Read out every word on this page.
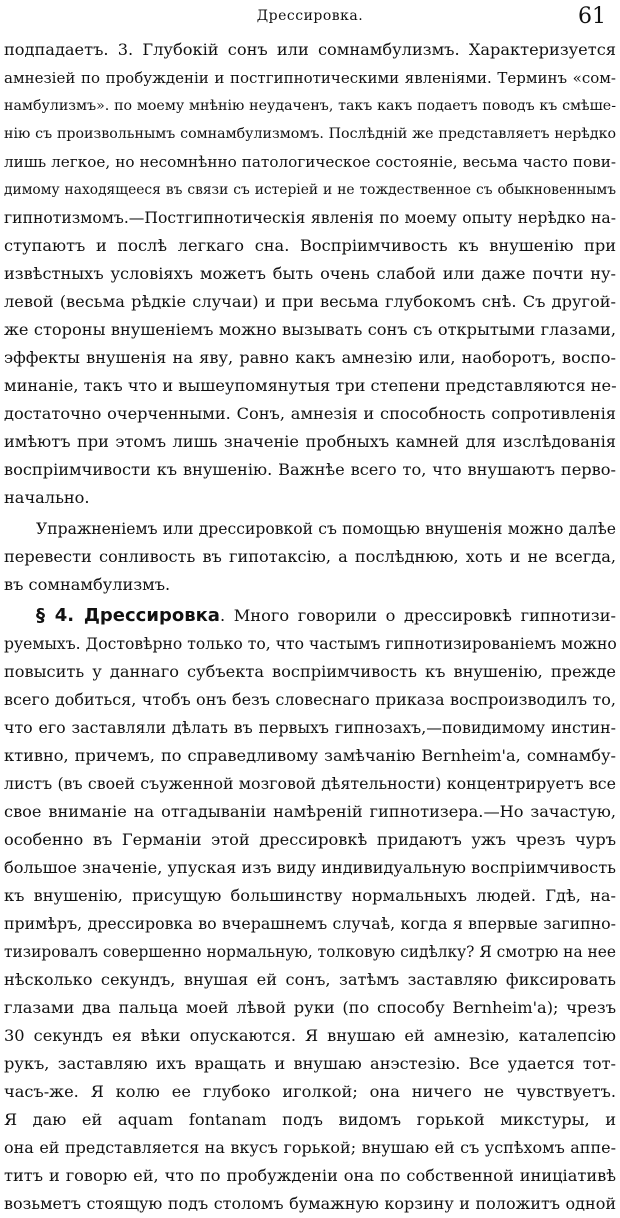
Дрессировка.	61
подпадаетъ. 3. Глубокій сонъ или сомнамбулизмъ. Характеризуется
амнезіей по пробужденіи и постгипнотическими явленіями. Терминъ «сом-
намбулизмъ». по моему мнѣнію неудаченъ, такъ какъ подаетъ поводъ къ смѣше-
нію съ произвольнымъ сомнамбулизмомъ. Послѣдній же представляетъ нерѣдко
лишь легкое, но несомнѣнно патологическое состояніе, весьма часто пови-
димому находящееся въ связи съ истеріей и не тождественное съ обыкновеннымъ
гипнотизмомъ.—Постгипнотическія явленія по моему опыту нерѣдко на-
ступаютъ и послѣ легкаго сна. Воспріимчивость къ внушенію при
извѣстныхъ условіяхъ можетъ быть очень слабой или даже почти ну-
левой (весьма рѣдкіе случаи) и при весьма глубокомъ снѣ. Съ другой-
же стороны внушеніемъ можно вызывать сонъ съ открытыми глазами,
эффекты внушенія на яву, равно какъ амнезію или, наоборотъ, воспо-
минаніе, такъ что и вышеупомянутыя три степени представляются не-
достаточно очерченными. Сонъ, амнезія и способность сопротивленія
имѣютъ при этомъ лишь значеніе пробныхъ камней для изслѣдованія
воспріимчивости къ внушенію. Важнѣе всего то, что внушаютъ перво-
начально.
Упражненіемъ или дрессировкой съ помощью внушенія можно далѣе
перевести сонливость въ гипотаксію, а послѣднюю, хоть и не всегда,
въ сомнамбулизмъ.
§ 4. Дрессировка. Много говорили о дрессировкѣ гипнотизи-
руемыхъ. Достовѣрно только то, что частымъ гипнотизированіемъ можно
повысить у даннаго субъекта воспріимчивость къ внушенію, прежде
всего добиться, чтобъ онъ безъ словеснаго приказа воспроизводилъ то,
что его заставляли дѣлать въ первыхъ гипнозахъ,—повидимому инстин-
ктивно, причемъ, по справедливому замѣчанію Bernheim'a, сомнамбу-
листъ (въ своей съуженной мозговой дѣятельности) концентрируетъ все
свое вниманіе на отгадываніи намѣреній гипнотизера.—Но зачастую,
особенно въ Германіи этой дрессировкѣ придаютъ ужъ чрезъ чуръ
большое значеніе, упуская изъ виду индивидуальную воспріимчивость
къ внушенію, присущую большинству нормальныхъ людей. Гдѣ, на-
примѣръ, дрессировка во вчерашнемъ случаѣ, когда я впервые загипно-
тизировалъ совершенно нормальную, толковую сидѣлку? Я смотрю на нее
нѣсколько секундъ, внушая ей сонъ, затѣмъ заставляю фиксировать
глазами два пальца моей лѣвой руки (по способу Bernheim'a); чрезъ
30 секундъ ея вѣки опускаются. Я внушаю ей амнезію, каталепсію
рукъ, заставляю ихъ вращать и внушаю анэстезію. Все удается тот-
часъ-же. Я колю ее глубоко иголкой; она ничего не чувствуетъ.
Я даю ей aquam fontanam подъ видомъ горькой микстуры, и
она ей представляется на вкусъ горькой; внушаю ей съ успѣхомъ аппе-
титъ и говорю ей, что по пробужденіи она по собственной иниціативѣ
возьметъ стоящую подъ столомъ бумажную корзину и положитъ одной
